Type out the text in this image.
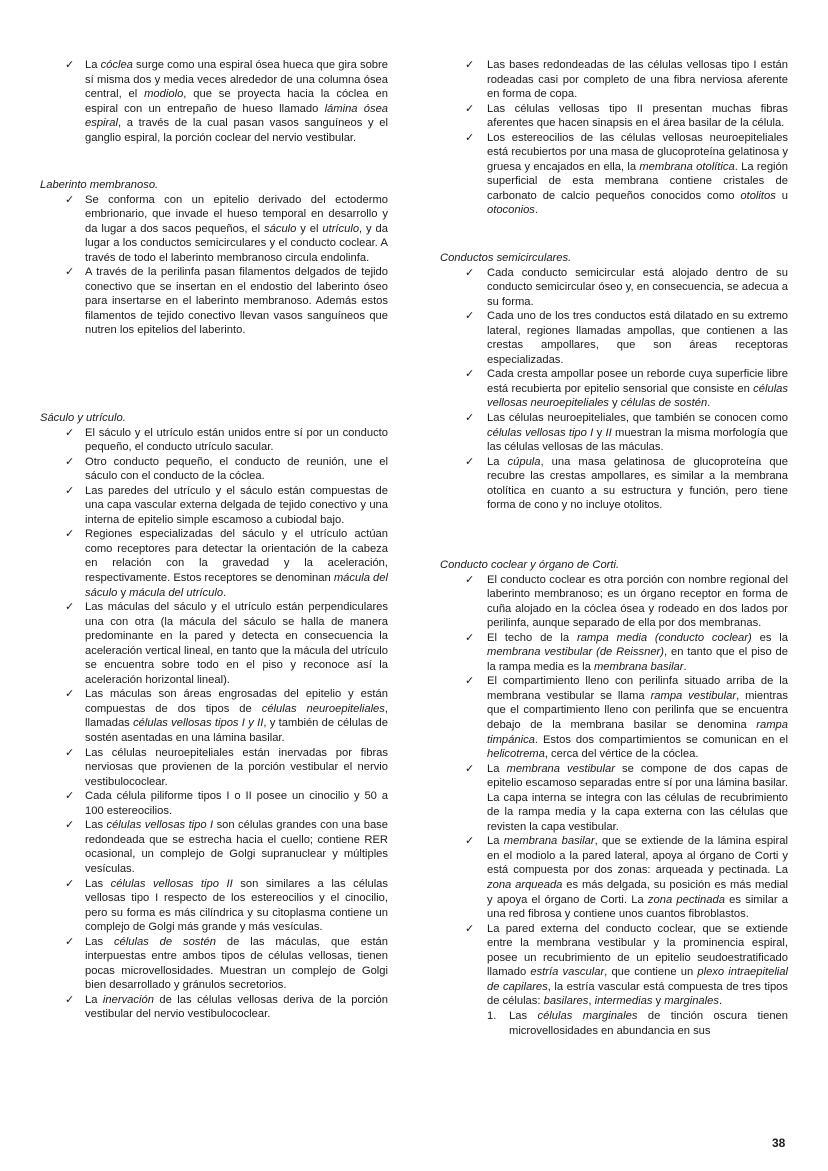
✓ La cóclea surge como una espiral ósea hueca que gira sobre sí misma dos y media veces alrededor de una columna ósea central, el modiolo, que se proyecta hacia la cóclea en espiral con un entrepaño de hueso llamado lámina ósea espiral, a través de la cual pasan vasos sanguíneos y el ganglio espiral, la porción coclear del nervio vestibular.

Laberinto membranoso.

✓ Se conforma con un epitelio derivado del ectodermo embrionario, que invade el hueso temporal en desarrollo y da lugar a dos sacos pequeños, el sáculo y el utrículo, y da lugar a los conductos semicirculares y el conducto coclear. A través de todo el laberinto membranoso circula endolinfa.
✓ A través de la perilinfa pasan filamentos delgados de tejido conectivo que se insertan en el endostio del laberinto óseo para insertarse en el laberinto membranoso. Además estos filamentos de tejido conectivo llevan vasos sanguíneos que nutren los epitelios del laberinto.

Sáculo y utrículo.

✓ El sáculo y el utrículo están unidos entre sí por un conducto pequeño, el conducto utrículo sacular.
✓ Otro conducto pequeño, el conducto de reunión, une el sáculo con el conducto de la cóclea.
✓ Las paredes del utrículo y el sáculo están compuestas de una capa vascular externa delgada de tejido conectivo y una interna de epitelio simple escamoso a cubiodal bajo.
✓ Regiones especializadas del sáculo y el utrículo actúan como receptores para detectar la orientación de la cabeza en relación con la gravedad y la aceleración, respectivamente. Estos receptores se denominan mácula del sáculo y mácula del utrículo.
✓ Las máculas del sáculo y el utrículo están perpendiculares una con otra (la mácula del sáculo se halla de manera predominante en la pared y detecta en consecuencia la aceleración vertical lineal, en tanto que la mácula del utrículo se encuentra sobre todo en el piso y reconoce así la aceleración horizontal lineal).
✓ Las máculas son áreas engrosadas del epitelio y están compuestas de dos tipos de células neuroepiteliales, llamadas células vellosas tipos I y II, y también de células de sostén asentadas en una lámina basilar.
✓ Las células neuroepiteliales están inervadas por fibras nerviosas que provienen de la porción vestibular el nervio vestibulococlear.
✓ Cada célula piliforme tipos I o II posee un cinocilio y 50 a 100 estereocilios.
✓ Las células vellosas tipo I son células grandes con una base redondeada que se estrecha hacia el cuello; contiene RER ocasional, un complejo de Golgi supranuclear y múltiples vesículas.
✓ Las células vellosas tipo II son similares a las células vellosas tipo I respecto de los estereocilios y el cinocilio, pero su forma es más cilíndrica y su citoplasma contiene un complejo de Golgi más grande y más vesículas.
✓ Las células de sostén de las máculas, que están interpuestas entre ambos tipos de células vellosas, tienen pocas microvellosidades. Muestran un complejo de Golgi bien desarrollado y gránulos secretorios.
✓ La inervación de las células vellosas deriva de la porción vestibular del nervio vestibulococlear.
✓ Las bases redondeadas de las células vellosas tipo I están rodeadas casi por completo de una fibra nerviosa aferente en forma de copa.
✓ Las células vellosas tipo II presentan muchas fibras aferentes que hacen sinapsis en el área basilar de la célula.
✓ Los estereocilios de las células vellosas neuroepiteliales está recubiertos por una masa de glucoproteína gelatinosa y gruesa y encajados en ella, la membrana otolítica. La región superficial de esta membrana contiene cristales de carbonato de calcio pequeños conocidos como otolitos u otoconios.

Conductos semicirculares.

✓ Cada conducto semicircular está alojado dentro de su conducto semicircular óseo y, en consecuencia, se adecua a su forma.
✓ Cada uno de los tres conductos está dilatado en su extremo lateral, regiones llamadas ampollas, que contienen a las crestas ampollares, que son áreas receptoras especializadas.
✓ Cada cresta ampollar posee un reborde cuya superficie libre está recubierta por epitelio sensorial que consiste en células vellosas neuroepiteliales y células de sostén.
✓ Las células neuroepiteliales, que también se conocen como células vellosas tipo I y II muestran la misma morfología que las células vellosas de las máculas.
✓ La cúpula, una masa gelatinosa de glucoproteína que recubre las crestas ampollares, es similar a la membrana otolítica en cuanto a su estructura y función, pero tiene forma de cono y no incluye otolitos.

Conducto coclear y órgano de Corti.

✓ El conducto coclear es otra porción con nombre regional del laberinto membranoso; es un órgano receptor en forma de cuña alojado en la cóclea ósea y rodeado en dos lados por perilinfa, aunque separado de ella por dos membranas.
✓ El techo de la rampa media (conducto coclear) es la membrana vestibular (de Reissner), en tanto que el piso de la rampa media es la membrana basilar.
✓ El compartimiento lleno con perilinfa situado arriba de la membrana vestibular se llama rampa vestibular, mientras que el compartimiento lleno con perilinfa que se encuentra debajo de la membrana basilar se denomina rampa timpánica. Estos dos compartimientos se comunican en el helicotrema, cerca del vértice de la cóclea.
✓ La membrana vestibular se compone de dos capas de epitelio escamoso separadas entre sí por una lámina basilar. La capa interna se integra con las células de recubrimiento de la rampa media y la capa externa con las células que revisten la capa vestibular.
✓ La membrana basilar, que se extiende de la lámina espiral en el modiolo a la pared lateral, apoya al órgano de Corti y está compuesta por dos zonas: arqueada y pectinada. La zona arqueada es más delgada, su posición es más medial y apoya el órgano de Corti. La zona pectinada es similar a una red fibrosa y contiene unos cuantos fibroblastos.
✓ La pared externa del conducto coclear, que se extiende entre la membrana vestibular y la prominencia espiral, posee un recubrimiento de un epitelio seudoestratificado llamado estría vascular, que contiene un plexo intraepitelial de capilares, la estría vascular está compuesta de tres tipos de células: basilares, intermedias y marginales.
1. Las células marginales de tinción oscura tienen microvellosidades en abundancia en sus
38
